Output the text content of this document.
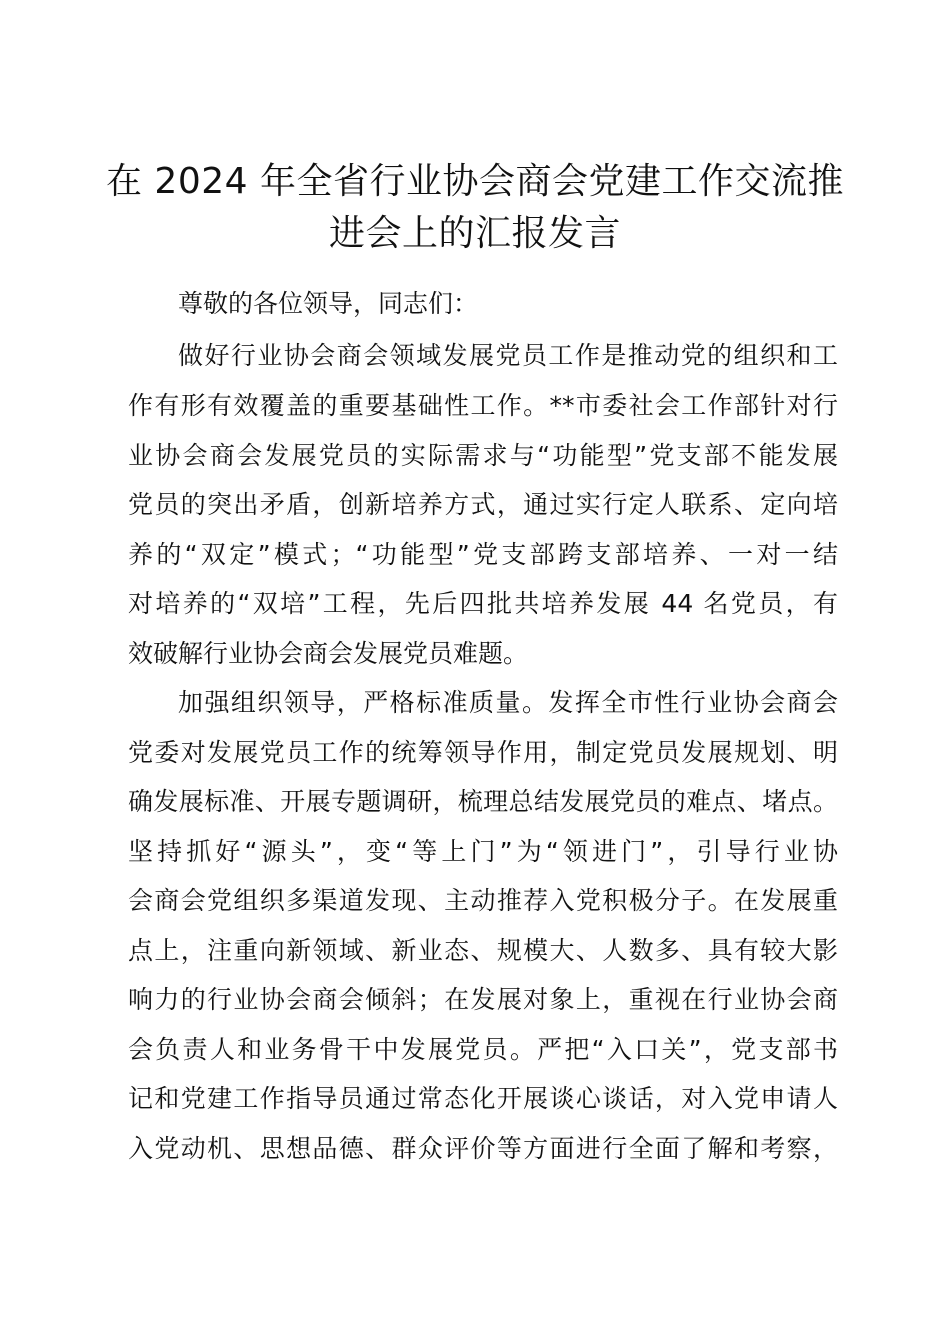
在 2024 年全省行业协会商会党建工作交流推
进会上的汇报发言

尊敬的各位领导，同志们：

做好行业协会商会领域发展党员工作是推动党的组织和工

作有形有效覆盖的重要基础性工作。**市委社会工作部针对行

业协会商会发展党员的实际需求与“功能型”党支部不能发展

党员的突出矛盾，创新培养方式，通过实行定人联系、定向培

养的“双定”模式；“功能型”党支部跨支部培养、一对一结

对培养的“双培”工程，先后四批共培养发展 44 名党员，有

效破解行业协会商会发展党员难题。

加强组织领导，严格标准质量。发挥全市性行业协会商会

党委对发展党员工作的统筹领导作用，制定党员发展规划、明

确发展标准、开展专题调研，梳理总结发展党员的难点、堵点。

坚持抓好“源头”，变“等上门”为“领进门”，引导行业协

会商会党组织多渠道发现、主动推荐入党积极分子。在发展重

点上，注重向新领域、新业态、规模大、人数多、具有较大影

响力的行业协会商会倾斜；在发展对象上，重视在行业协会商

会负责人和业务骨干中发展党员。严把“入口关”，党支部书

记和党建工作指导员通过常态化开展谈心谈话，对入党申请人

入党动机、思想品德、群众评价等方面进行全面了解和考察，
